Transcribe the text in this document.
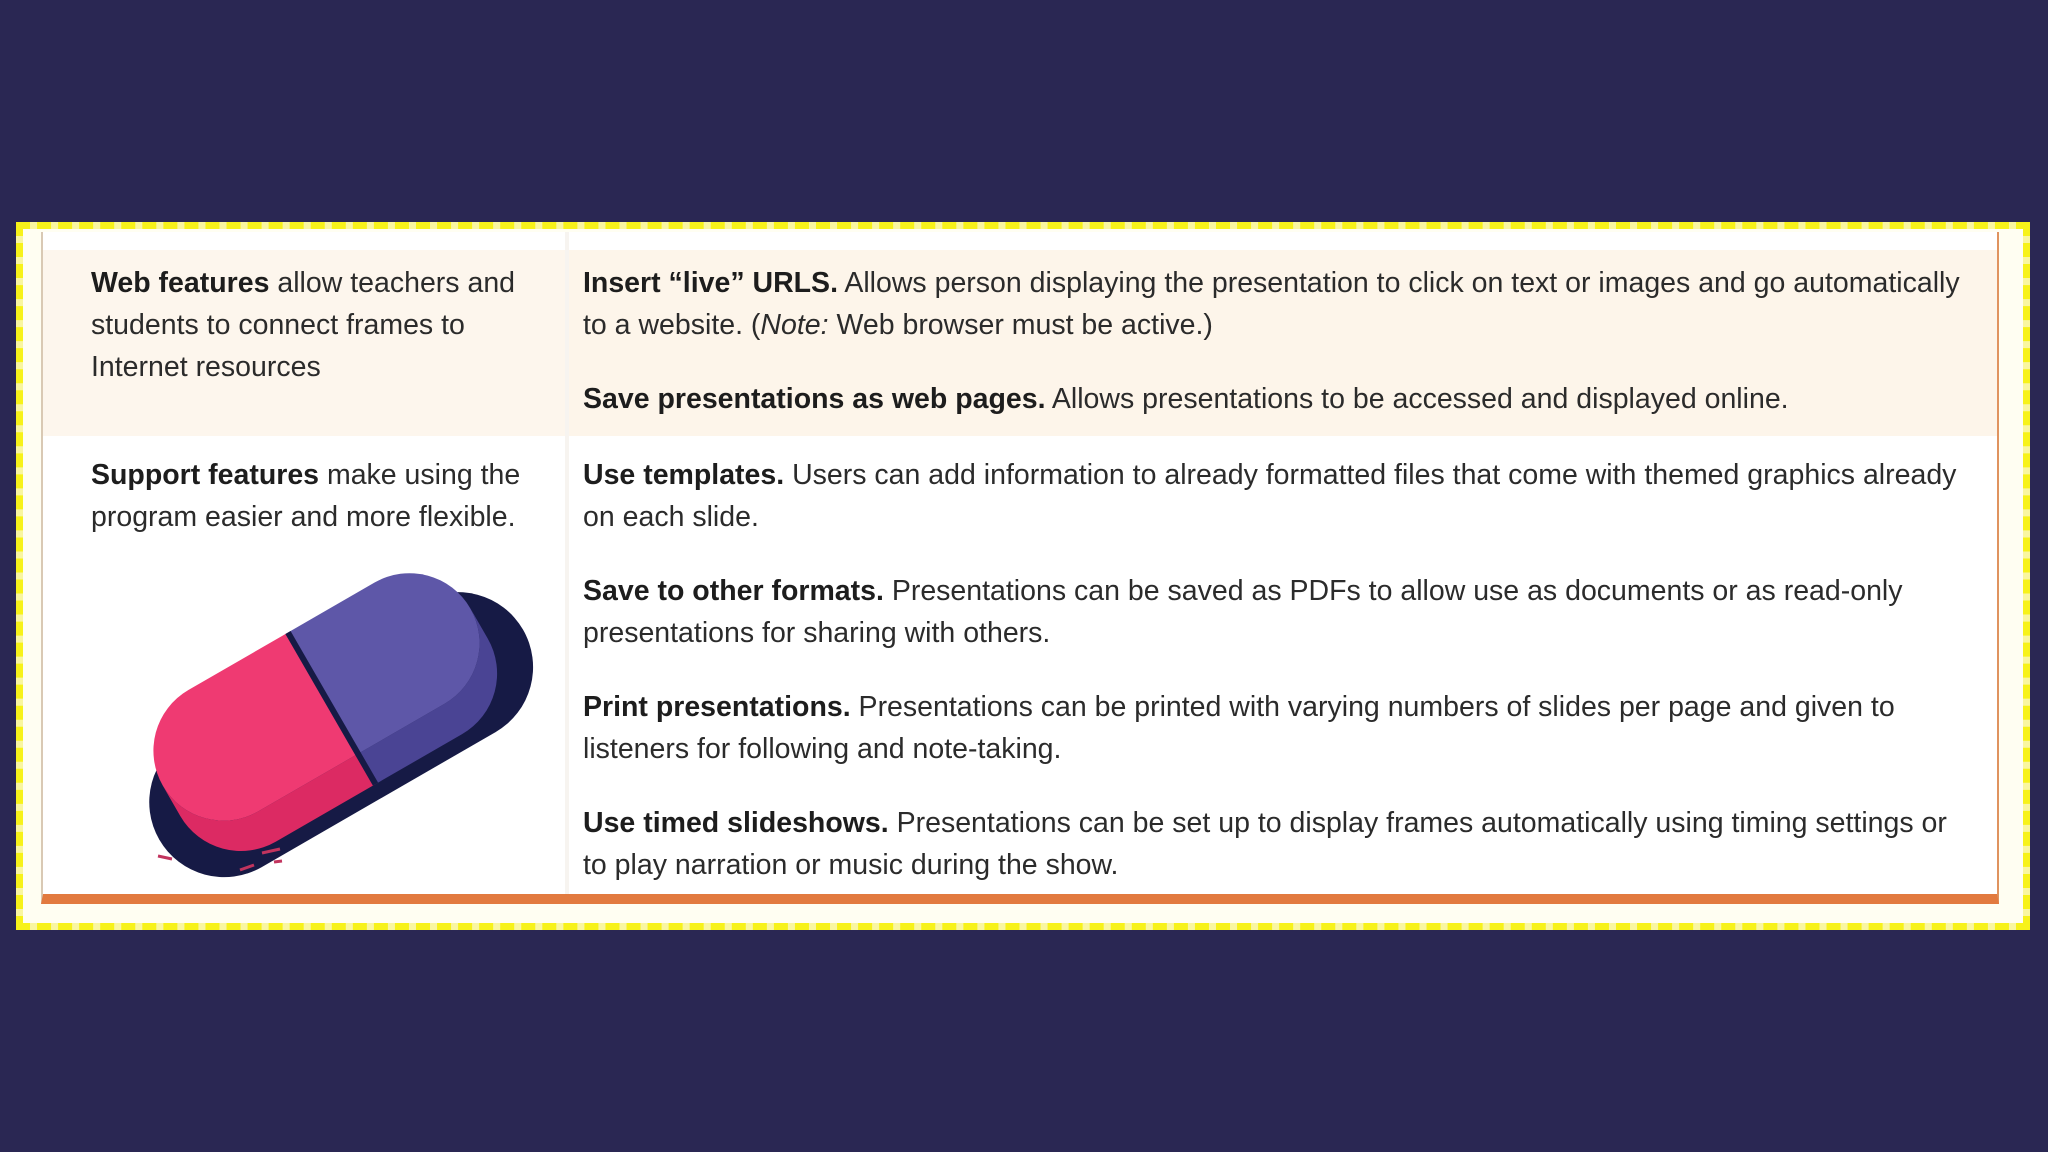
Web features allow teachers and students to connect frames to Internet resources

Support features make using the program easier and more flexible.

Insert “live” URLS. Allows person displaying the presentation to click on text or images and go automatically to a website. (Note: Web browser must be active.)

Save presentations as web pages. Allows presentations to be accessed and displayed online.

Use templates. Users can add information to already formatted files that come with themed graphics already on each slide.

Save to other formats. Presentations can be saved as PDFs to allow use as documents or as read-only presentations for sharing with others.

Print presentations. Presentations can be printed with varying numbers of slides per page and given to listeners for following and note-taking.

Use timed slideshows. Presentations can be set up to display frames automatically using timing settings or to play narration or music during the show.
